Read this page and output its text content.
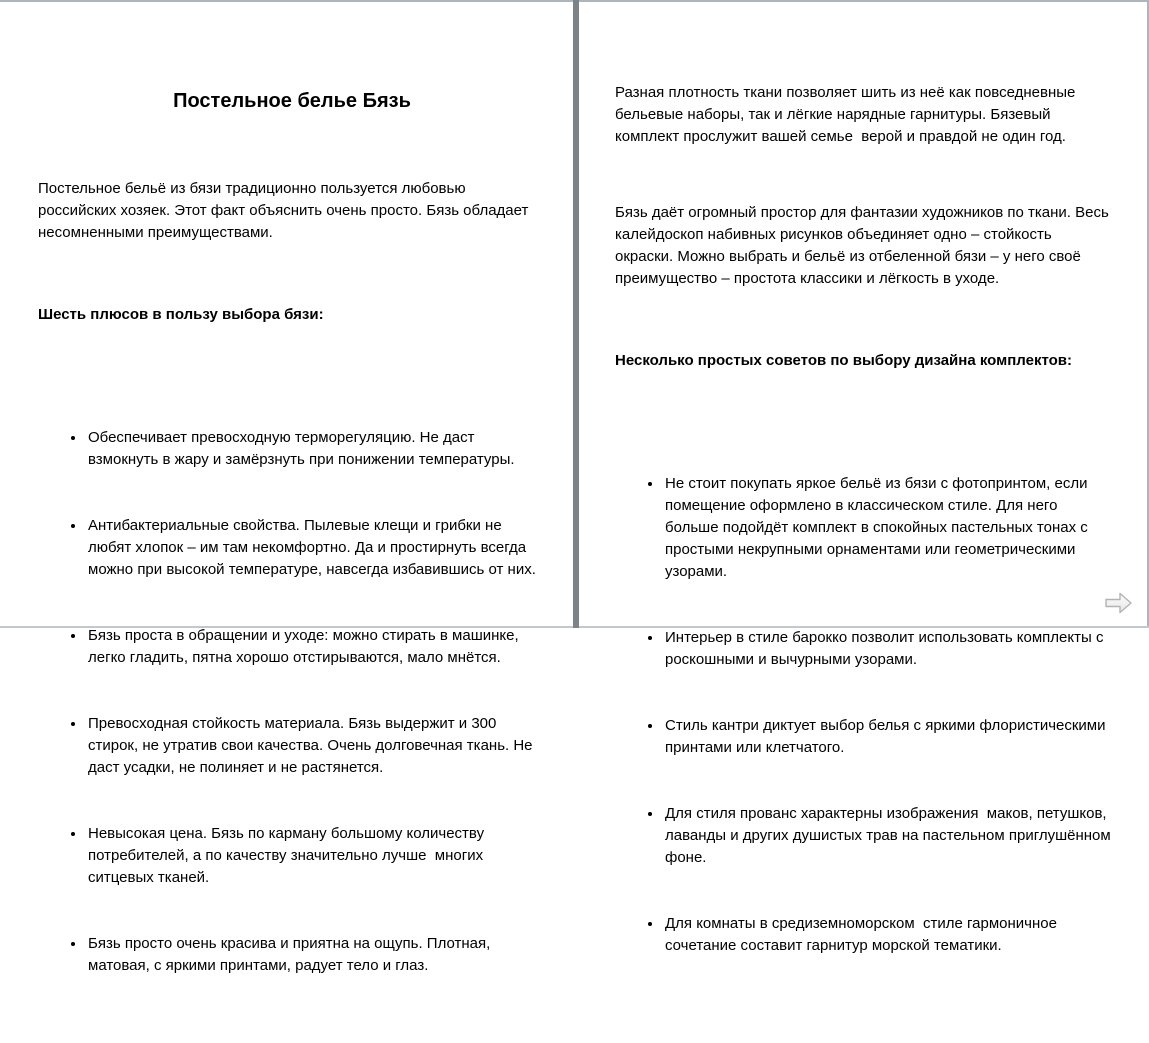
Постельное белье Бязь

Постельное бельё из бязи традиционно пользуется любовью российских хозяек. Этот факт объяснить очень просто. Бязь обладает несомненными преимуществами.

Шесть плюсов в пользу выбора бязи:

• Обеспечивает превосходную терморегуляцию. Не даст взмокнуть в жару и замёрзнуть при понижении температуры.

• Антибактериальные свойства. Пылевые клещи и грибки не любят хлопок – им там некомфортно. Да и простирнуть всегда можно при высокой температуре, навсегда избавившись от них.

• Бязь проста в обращении и уходе: можно стирать в машинке, легко гладить, пятна хорошо отстирываются, мало мнётся.

• Превосходная стойкость материала. Бязь выдержит и 300 стирок, не утратив свои качества. Очень долговечная ткань. Не даст усадки, не полиняет и не растянется.

• Невысокая цена. Бязь по карману большому количеству потребителей, а по качеству значительно лучше  многих ситцевых тканей.

• Бязь просто очень красива и приятна на ощупь. Плотная, матовая, с яркими принтами, радует тело и глаз.

Разная плотность ткани позволяет шить из неё как повседневные бельевые наборы, так и лёгкие нарядные гарнитуры. Бязевый комплект прослужит вашей семье  верой и правдой не один год.

Бязь даёт огромный простор для фантазии художников по ткани. Весь калейдоскоп набивных рисунков объединяет одно – стойкость окраски. Можно выбрать и бельё из отбеленной бязи – у него своё преимущество – простота классики и лёгкость в уходе.

Несколько простых советов по выбору дизайна комплектов:

• Не стоит покупать яркое бельё из бязи с фотопринтом, если помещение оформлено в классическом стиле. Для него больше подойдёт комплект в спокойных пастельных тонах с простыми некрупными орнаментами или геометрическими узорами.

• Интерьер в стиле барокко позволит использовать комплекты с роскошными и вычурными узорами.

• Стиль кантри диктует выбор белья с яркими флористическими принтами или клетчатого.

• Для стиля прованс характерны изображения  маков, петушков, лаванды и других душистых трав на пастельном приглушённом фоне.

• Для комнаты в средиземноморском  стиле гармоничное сочетание составит гарнитур морской тематики.
